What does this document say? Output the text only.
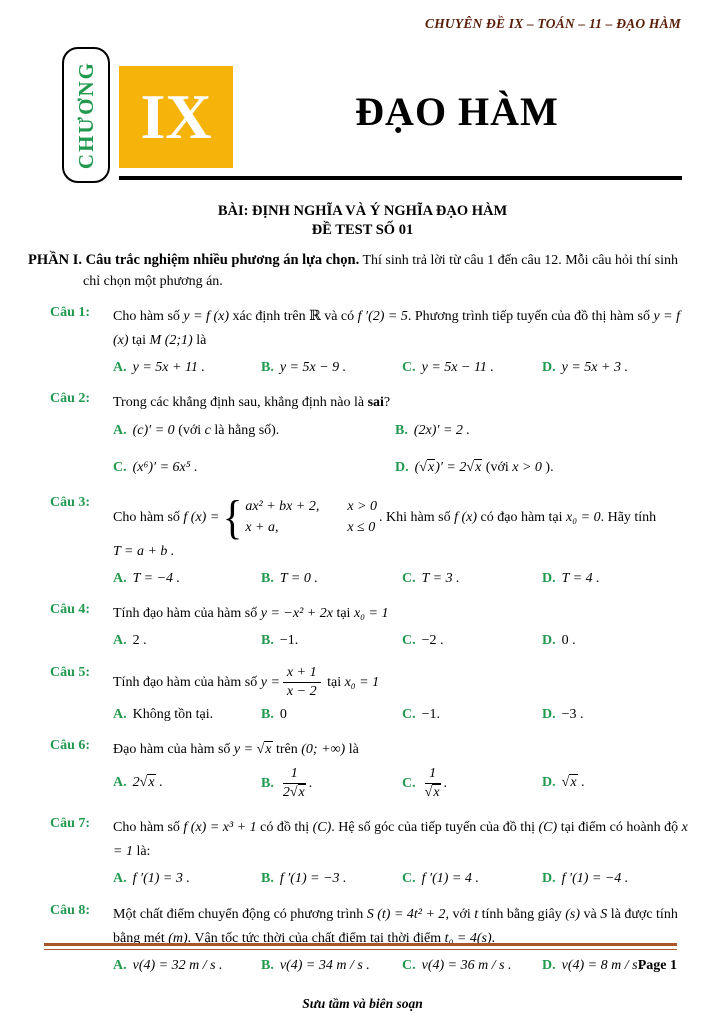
CHUYÊN ĐỀ IX – TOÁN – 11 – ĐẠO HÀM
CHƯƠNG IX	ĐẠO HÀM
BÀI: ĐỊNH NGHĨA VÀ Ý NGHĨA ĐẠO HÀM
ĐỀ TEST SỐ 01
PHẦN I. Câu trắc nghiệm nhiều phương án lựa chọn. Thí sinh trả lời từ câu 1 đến câu 12. Mỗi câu hỏi thí sinh chỉ chọn một phương án.
Câu 1:	Cho hàm số y = f (x) xác định trên ℝ và có f ′(2) = 5. Phương trình tiếp tuyến của đồ thị hàm số y = f (x) tại M (2;1) là
A. y = 5x + 11 .	B. y = 5x − 9 .	C. y = 5x − 11 .	D. y = 5x + 3 .
Câu 2:	Trong các khẳng định sau, khẳng định nào là sai?
A. (c)′ = 0 (với c là hằng số).	B. (2x)′ = 2 .
C. (x⁶)′ = 6x⁵ .	D. (√x)′ = 2√x (với x > 0 ).
Câu 3:
Cho hàm số f (x) = { ax² + bx + 2, x > 0
x + a,	x ≤ 0
. Khi hàm số f (x) có đạo hàm tại x₀ = 0. Hãy tính
T = a + b .
A. T = −4 .	B. T = 0 .	C. T = 3 .	D. T = 4 .
Câu 4:	Tính đạo hàm của hàm số y = −x² + 2x tại x₀ = 1
A. 2 .	B. −1.	C. −2 .	D. 0 .
Câu 5:
Tính đạo hàm của hàm số $y = \frac{x + 1}{x - 2}$ tại x₀ = 1
A. Không tồn tại.	B. 0	C. −1.	D. −3 .
Câu 6:	Đạo hàm của hàm số y = √x trên (0; +∞) là
A. 2√x .	B. $\frac{1}{2√x}$ .	C. $\frac{1}{√x}$ .	D. √x .
Câu 7:	Cho hàm số f (x) = x³ + 1 có đồ thị (C). Hệ số góc của tiếp tuyến của đồ thị (C) tại điểm có hoành độ x = 1 là:
A. f ′(1) = 3 .	B. f ′(1) = −3 .	C. f ′(1) = 4 .	D. f ′(1) = −4 .
Câu 8:	Một chất điểm chuyển động có phương trình S (t) = 4t² + 2, với t tính bằng giây (s) và S là được tính bằng mét (m). Vận tốc tức thời của chất điểm tại thời điểm t₀ = 4(s).
A. v(4) = 32 m / s .	B. v(4) = 34 m / s .	C. v(4) = 36 m / s .	D. v(4) = 8 m / s .
Page 1
Sưu tầm và biên soạn
